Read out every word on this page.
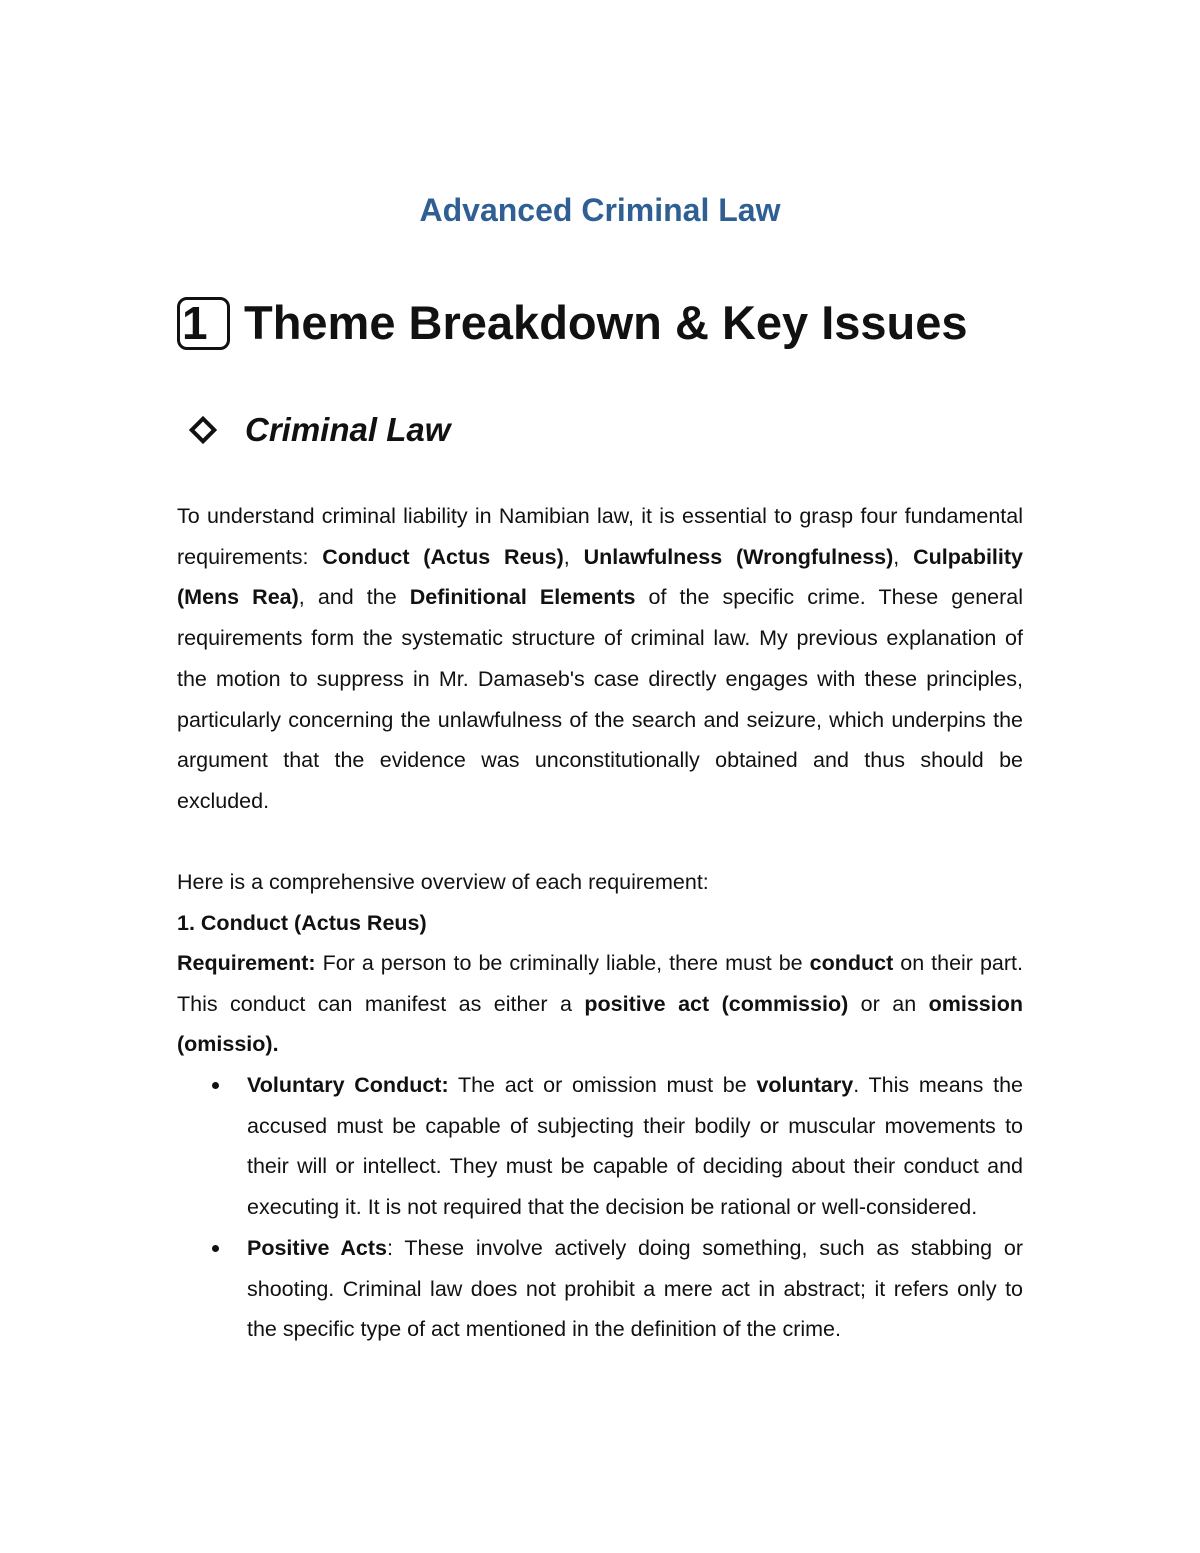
Advanced Criminal Law
1 Theme Breakdown & Key Issues
Criminal Law
To understand criminal liability in Namibian law, it is essential to grasp four fundamental requirements: Conduct (Actus Reus), Unlawfulness (Wrongfulness), Culpability (Mens Rea), and the Definitional Elements of the specific crime. These general requirements form the systematic structure of criminal law. My previous explanation of the motion to suppress in Mr. Damaseb's case directly engages with these principles, particularly concerning the unlawfulness of the search and seizure, which underpins the argument that the evidence was unconstitutionally obtained and thus should be excluded.
Here is a comprehensive overview of each requirement:
1. Conduct (Actus Reus)
Requirement: For a person to be criminally liable, there must be conduct on their part. This conduct can manifest as either a positive act (commissio) or an omission (omissio).
Voluntary Conduct: The act or omission must be voluntary. This means the accused must be capable of subjecting their bodily or muscular movements to their will or intellect. They must be capable of deciding about their conduct and executing it. It is not required that the decision be rational or well-considered.
Positive Acts: These involve actively doing something, such as stabbing or shooting. Criminal law does not prohibit a mere act in abstract; it refers only to the specific type of act mentioned in the definition of the crime.
